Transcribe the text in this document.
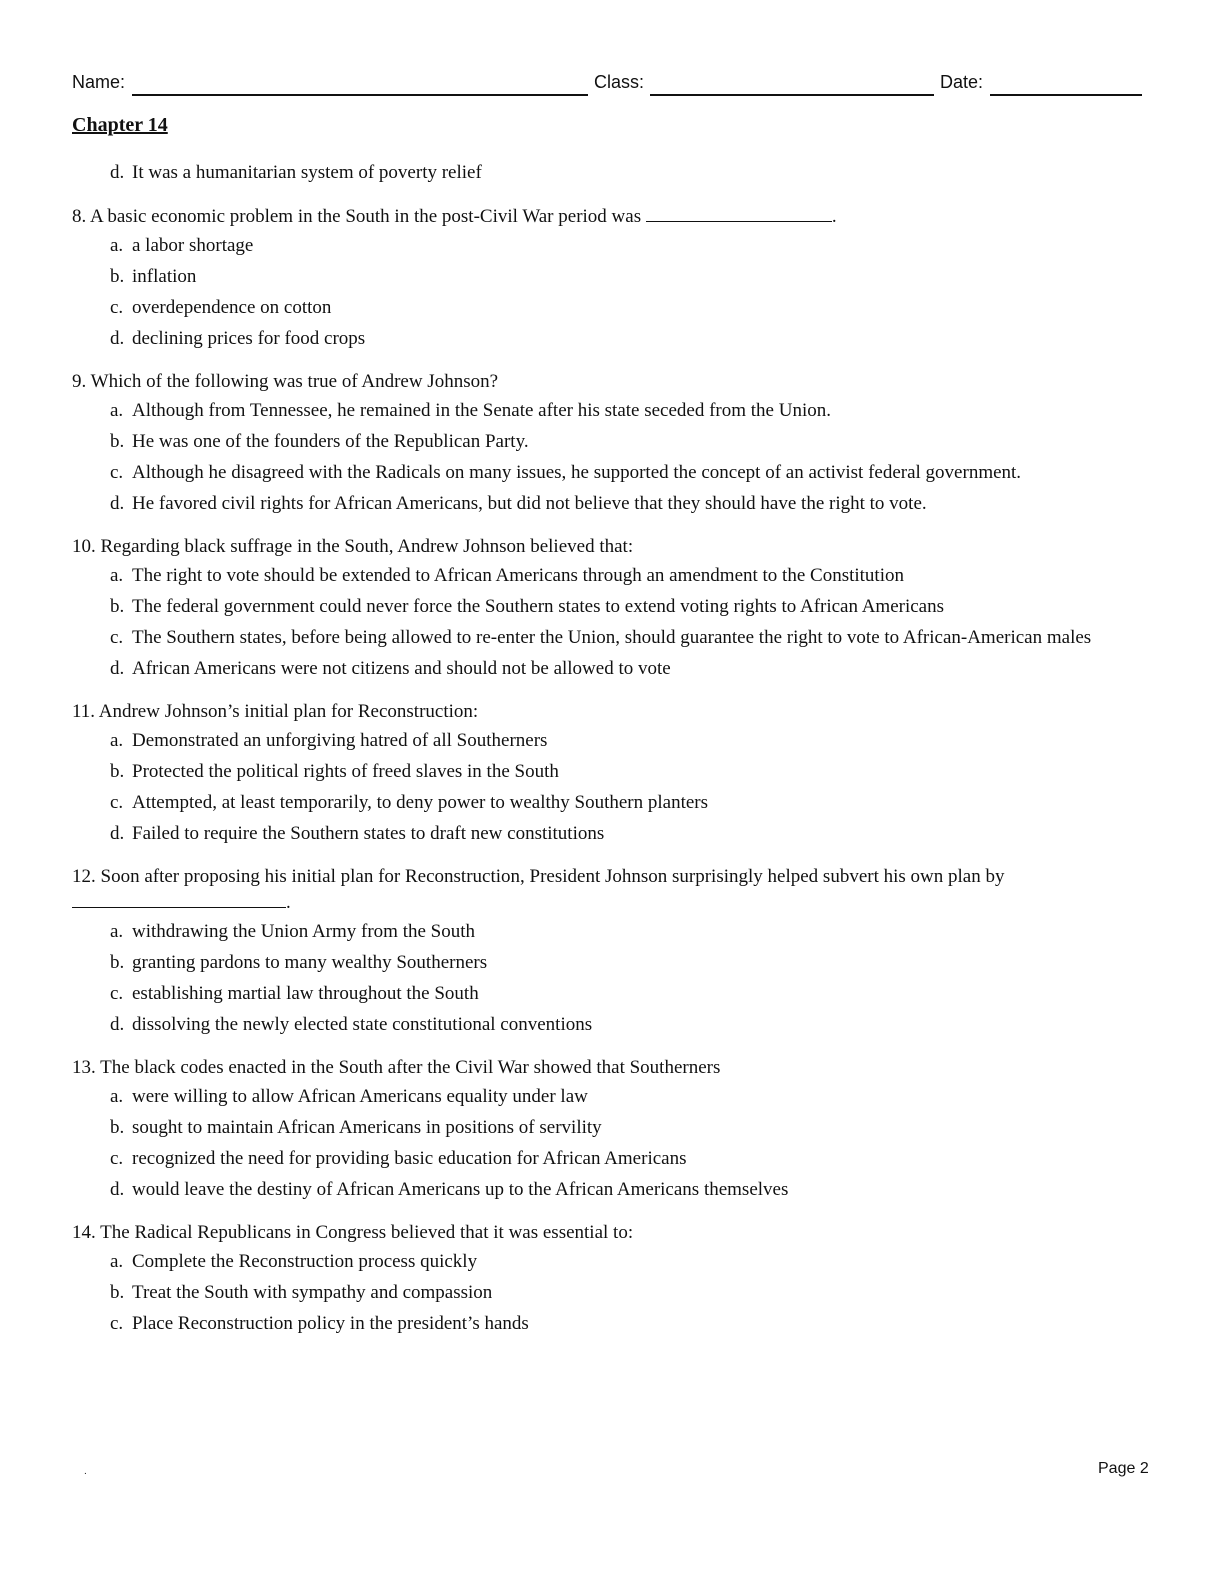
Name:	Class:	Date:
Chapter 14
d. It was a humanitarian system of poverty relief
8. A basic economic problem in the South in the post-Civil War period was	.
a. a labor shortage
b. inflation
c. overdependence on cotton
d. declining prices for food crops
9. Which of the following was true of Andrew Johnson?
a. Although from Tennessee, he remained in the Senate after his state seceded from the Union.
b. He was one of the founders of the Republican Party.
c. Although he disagreed with the Radicals on many issues, he supported the concept of an activist federal government.
d. He favored civil rights for African Americans, but did not believe that they should have the right to vote.
10. Regarding black suffrage in the South, Andrew Johnson believed that:
a. The right to vote should be extended to African Americans through an amendment to the Constitution
b. The federal government could never force the Southern states to extend voting rights to African Americans
c. The Southern states, before being allowed to re-enter the Union, should guarantee the right to vote to African-American males
d. African Americans were not citizens and should not be allowed to vote
11. Andrew Johnson’s initial plan for Reconstruction:
a. Demonstrated an unforgiving hatred of all Southerners
b. Protected the political rights of freed slaves in the South
c. Attempted, at least temporarily, to deny power to wealthy Southern planters
d. Failed to require the Southern states to draft new constitutions
12. Soon after proposing his initial plan for Reconstruction, President Johnson surprisingly helped subvert his own plan by
.
a. withdrawing the Union Army from the South
b. granting pardons to many wealthy Southerners
c. establishing martial law throughout the South
d. dissolving the newly elected state constitutional conventions
13. The black codes enacted in the South after the Civil War showed that Southerners
a. were willing to allow African Americans equality under law
b. sought to maintain African Americans in positions of servility
c. recognized the need for providing basic education for African Americans
d. would leave the destiny of African Americans up to the African Americans themselves
14. The Radical Republicans in Congress believed that it was essential to:
a. Complete the Reconstruction process quickly
b. Treat the South with sympathy and compassion
c. Place Reconstruction policy in the president’s hands
.	Page 2
